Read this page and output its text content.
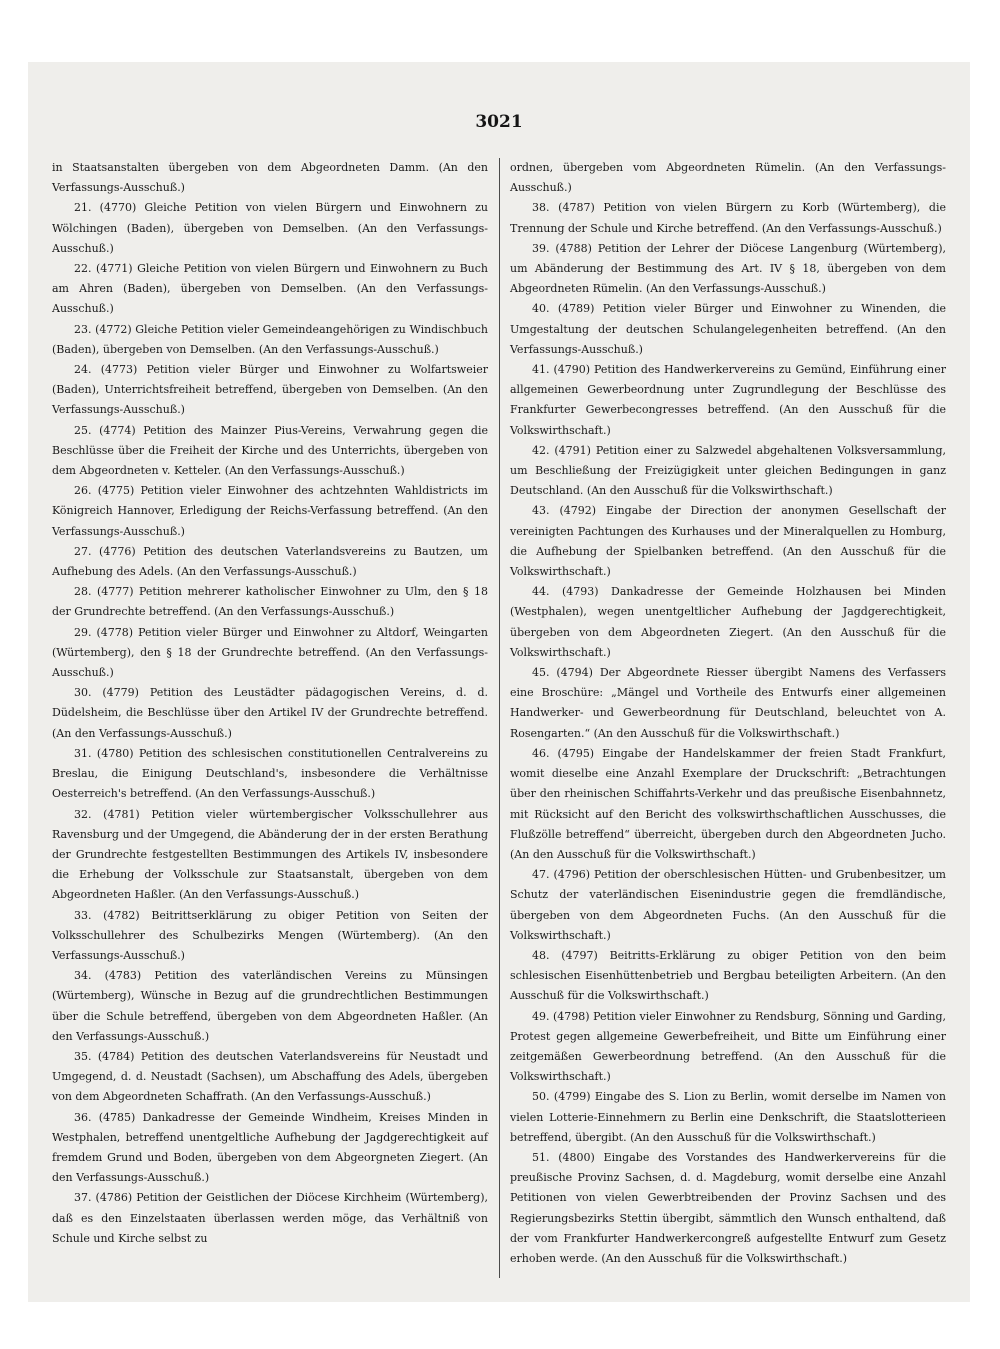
3021

in Staatsanstalten übergeben von dem Abgeordneten Damm. (An den Verfassungs-Ausschuß.)

21. (4770) Gleiche Petition von vielen Bürgern und Einwohnern zu Wölchingen (Baden), übergeben von Demselben. (An den Verfassungs-Ausschuß.)

22. (4771) Gleiche Petition von vielen Bürgern und Einwohnern zu Buch am Ahren (Baden), übergeben von Demselben. (An den Verfassungs-Ausschuß.)

23. (4772) Gleiche Petition vieler Gemeindeangehörigen zu Windischbuch (Baden), übergeben von Demselben. (An den Verfassungs-Ausschuß.)

24. (4773) Petition vieler Bürger und Einwohner zu Wolfartsweier (Baden), Unterrichtsfreiheit betreffend, übergeben von Demselben. (An den Verfassungs-Ausschuß.)

25. (4774) Petition des Mainzer Pius-Vereins, Verwahrung gegen die Beschlüsse über die Freiheit der Kirche und des Unterrichts, übergeben von dem Abgeordneten v. Ketteler. (An den Verfassungs-Ausschuß.)

26. (4775) Petition vieler Einwohner des achtzehnten Wahldistricts im Königreich Hannover, Erledigung der Reichs-Verfassung betreffend. (An den Verfassungs-Ausschuß.)

27. (4776) Petition des deutschen Vaterlandsvereins zu Bautzen, um Aufhebung des Adels. (An den Verfassungs-Ausschuß.)

28. (4777) Petition mehrerer katholischer Einwohner zu Ulm, den § 18 der Grundrechte betreffend. (An den Verfassungs-Ausschuß.)

29. (4778) Petition vieler Bürger und Einwohner zu Altdorf, Weingarten (Würtemberg), den § 18 der Grundrechte betreffend. (An den Verfassungs-Ausschuß.)

30. (4779) Petition des Leustädter pädagogischen Vereins, d. d. Düdelsheim, die Beschlüsse über den Artikel IV der Grundrechte betreffend. (An den Verfassungs-Ausschuß.)

31. (4780) Petition des schlesischen constitutionellen Centralvereins zu Breslau, die Einigung Deutschland's, insbesondere die Verhältnisse Oesterreich's betreffend. (An den Verfassungs-Ausschuß.)

32. (4781) Petition vieler würtembergischer Volksschullehrer aus Ravensburg und der Umgegend, die Abänderung der in der ersten Berathung der Grundrechte festgestellten Bestimmungen des Artikels IV, insbesondere die Erhebung der Volksschule zur Staatsanstalt, übergeben von dem Abgeordneten Haßler. (An den Verfassungs-Ausschuß.)

33. (4782) Beitrittserklärung zu obiger Petition von Seiten der Volksschullehrer des Schulbezirks Mengen (Würtemberg). (An den Verfassungs-Ausschuß.)

34. (4783) Petition des vaterländischen Vereins zu Münsingen (Würtemberg), Wünsche in Bezug auf die grundrechtlichen Bestimmungen über die Schule betreffend, übergeben von dem Abgeordneten Haßler. (An den Verfassungs-Ausschuß.)

35. (4784) Petition des deutschen Vaterlandsvereins für Neustadt und Umgegend, d. d. Neustadt (Sachsen), um Abschaffung des Adels, übergeben von dem Abgeordneten Schaffrath. (An den Verfassungs-Ausschuß.)

36. (4785) Dankadresse der Gemeinde Windheim, Kreises Minden in Westphalen, betreffend unentgeltliche Aufhebung der Jagdgerechtigkeit auf fremdem Grund und Boden, übergeben von dem Abgeorgneten Ziegert. (An den Verfassungs-Ausschuß.)

37. (4786) Petition der Geistlichen der Diöcese Kirchheim (Würtemberg), daß es den Einzelstaaten überlassen werden möge, das Verhältniß von Schule und Kirche selbst zu

ordnen, übergeben vom Abgeordneten Rümelin. (An den Verfassungs-Ausschuß.)

38. (4787) Petition von vielen Bürgern zu Korb (Würtemberg), die Trennung der Schule und Kirche betreffend. (An den Verfassungs-Ausschuß.)

39. (4788) Petition der Lehrer der Diöcese Langenburg (Würtemberg), um Abänderung der Bestimmung des Art. IV § 18, übergeben von dem Abgeordneten Rümelin. (An den Verfassungs-Ausschuß.)

40. (4789) Petition vieler Bürger und Einwohner zu Winenden, die Umgestaltung der deutschen Schulangelegenheiten betreffend. (An den Verfassungs-Ausschuß.)

41. (4790) Petition des Handwerkervereins zu Gemünd, Einführung einer allgemeinen Gewerbeordnung unter Zugrundlegung der Beschlüsse des Frankfurter Gewerbecongresses betreffend. (An den Ausschuß für die Volkswirthschaft.)

42. (4791) Petition einer zu Salzwedel abgehaltenen Volksversammlung, um Beschließung der Freizügigkeit unter gleichen Bedingungen in ganz Deutschland. (An den Ausschuß für die Volkswirthschaft.)

43. (4792) Eingabe der Direction der anonymen Gesellschaft der vereinigten Pachtungen des Kurhauses und der Mineralquellen zu Homburg, die Aufhebung der Spielbanken betreffend. (An den Ausschuß für die Volkswirthschaft.)

44. (4793) Dankadresse der Gemeinde Holzhausen bei Minden (Westphalen), wegen unentgeltlicher Aufhebung der Jagdgerechtigkeit, übergeben von dem Abgeordneten Ziegert. (An den Ausschuß für die Volkswirthschaft.)

45. (4794) Der Abgeordnete Riesser übergibt Namens des Verfassers eine Broschüre: „Mängel und Vortheile des Entwurfs einer allgemeinen Handwerker- und Gewerbeordnung für Deutschland, beleuchtet von A. Rosengarten.“ (An den Ausschuß für die Volkswirthschaft.)

46. (4795) Eingabe der Handelskammer der freien Stadt Frankfurt, womit dieselbe eine Anzahl Exemplare der Druckschrift: „Betrachtungen über den rheinischen Schiffahrts-Verkehr und das preußische Eisenbahnnetz, mit Rücksicht auf den Bericht des volkswirthschaftlichen Ausschusses, die Flußzölle betreffend“ überreicht, übergeben durch den Abgeordneten Jucho. (An den Ausschuß für die Volkswirthschaft.)

47. (4796) Petition der oberschlesischen Hütten- und Grubenbesitzer, um Schutz der vaterländischen Eisenindustrie gegen die fremdländische, übergeben von dem Abgeordneten Fuchs. (An den Ausschuß für die Volkswirthschaft.)

48. (4797) Beitritts-Erklärung zu obiger Petition von den beim schlesischen Eisenhüttenbetrieb und Bergbau beteiligten Arbeitern. (An den Ausschuß für die Volkswirthschaft.)

49. (4798) Petition vieler Einwohner zu Rendsburg, Sönning und Garding, Protest gegen allgemeine Gewerbefreiheit, und Bitte um Einführung einer zeitgemäßen Gewerbeordnung betreffend. (An den Ausschuß für die Volkswirthschaft.)

50. (4799) Eingabe des S. Lion zu Berlin, womit derselbe im Namen von vielen Lotterie-Einnehmern zu Berlin eine Denkschrift, die Staatslotterieen betreffend, übergibt. (An den Ausschuß für die Volkswirthschaft.)

51. (4800) Eingabe des Vorstandes des Handwerkervereins für die preußische Provinz Sachsen, d. d. Magdeburg, womit derselbe eine Anzahl Petitionen von vielen Gewerbtreibenden der Provinz Sachsen und des Regierungsbezirks Stettin übergibt, sämmtlich den Wunsch enthaltend, daß der vom Frankfurter Handwerkercongreß aufgestellte Entwurf zum Gesetz erhoben werde. (An den Ausschuß für die Volkswirthschaft.)
